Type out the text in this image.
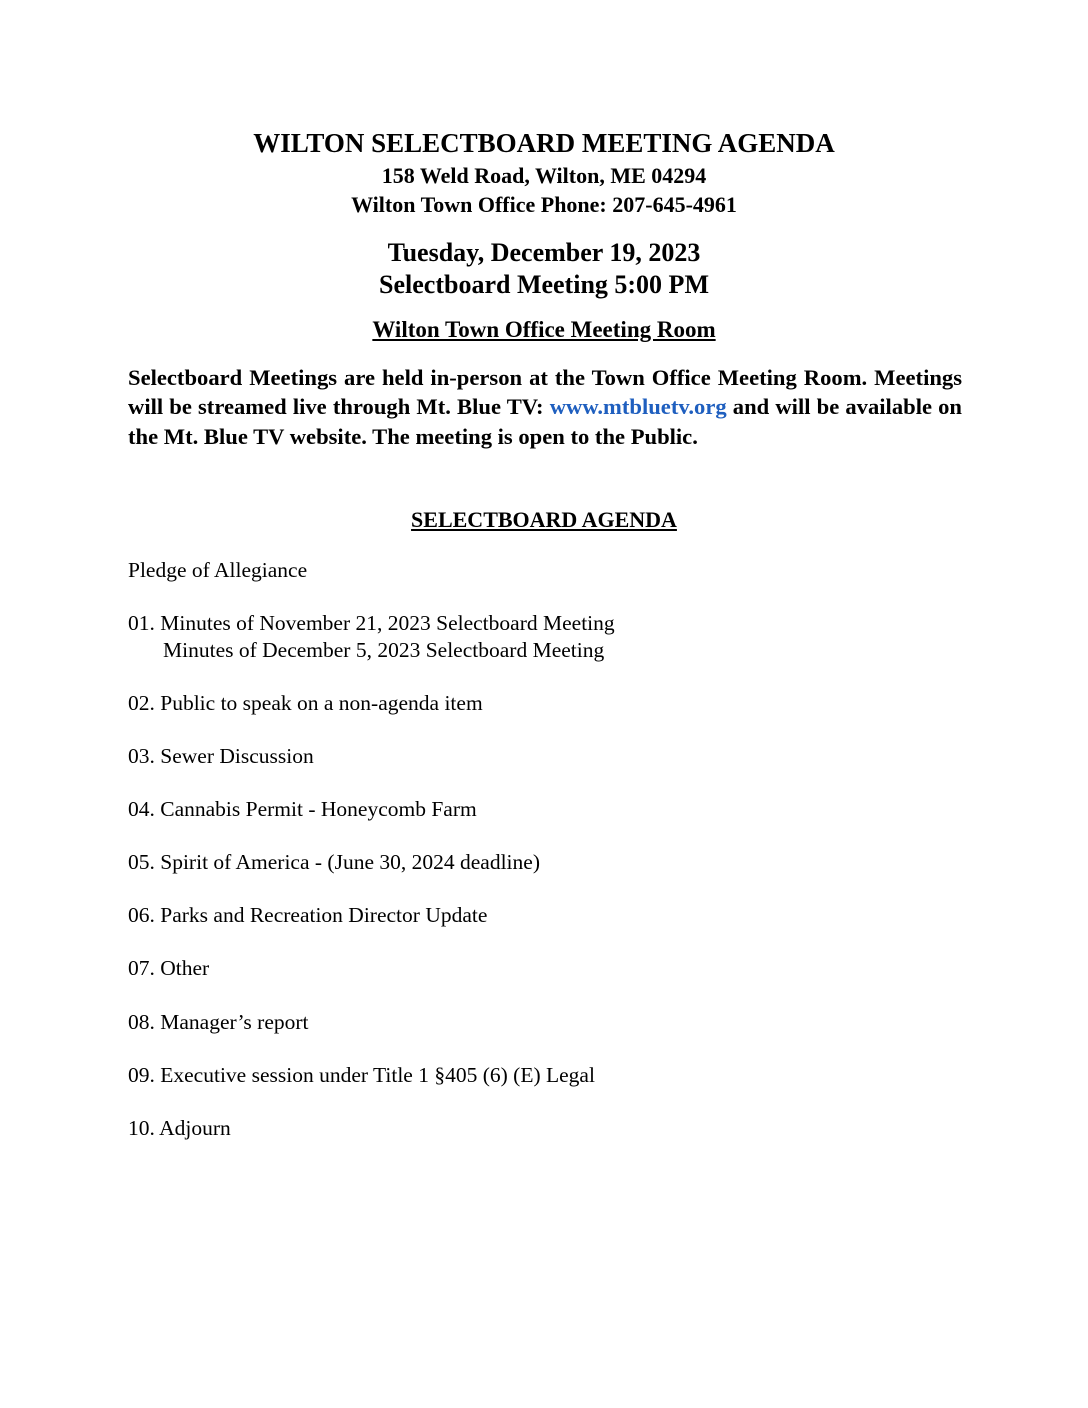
WILTON SELECTBOARD MEETING AGENDA
158 Weld Road, Wilton, ME 04294
Wilton Town Office Phone: 207-645-4961
Tuesday, December 19, 2023
Selectboard Meeting 5:00 PM
Wilton Town Office Meeting Room
Selectboard Meetings are held in-person at the Town Office Meeting Room. Meetings will be streamed live through Mt. Blue TV: www.mtbluetv.org and will be available on the Mt. Blue TV website. The meeting is open to the Public.
SELECTBOARD AGENDA
Pledge of Allegiance
01. Minutes of November 21, 2023 Selectboard Meeting
Minutes of December 5, 2023 Selectboard Meeting
02. Public to speak on a non-agenda item
03. Sewer Discussion
04. Cannabis Permit - Honeycomb Farm
05. Spirit of America - (June 30, 2024 deadline)
06. Parks and Recreation Director Update
07. Other
08. Manager’s report
09. Executive session under Title 1 §405 (6) (E) Legal
10. Adjourn
